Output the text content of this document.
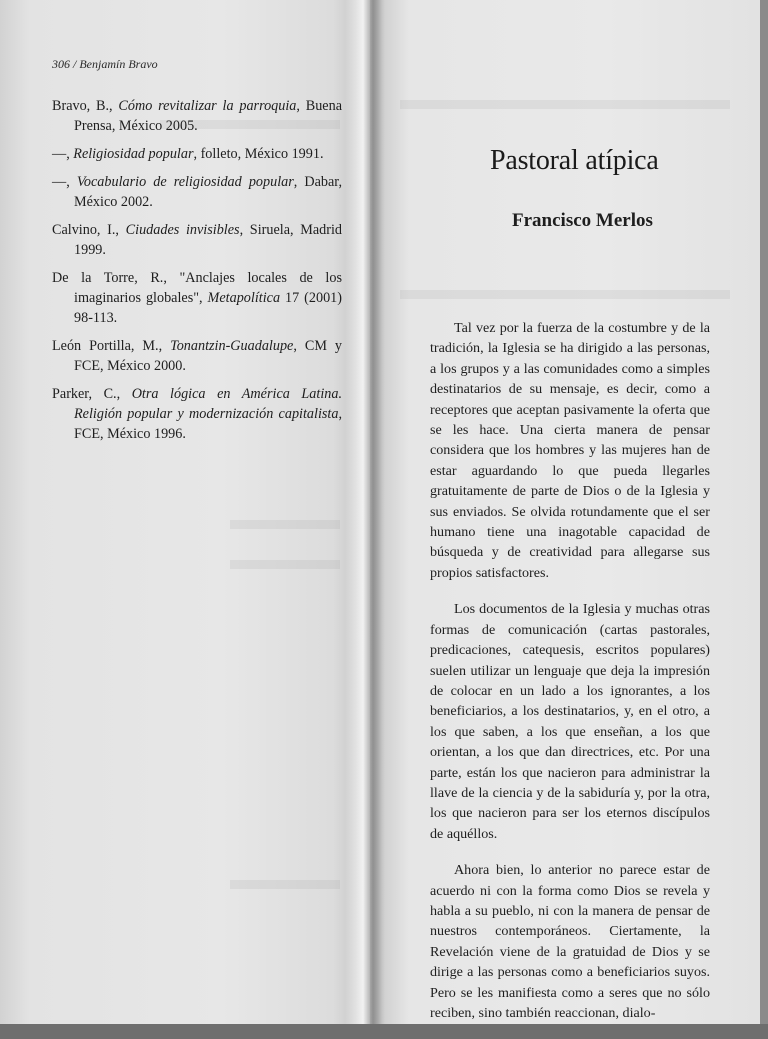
306 / Benjamín Bravo

Bravo, B., Cómo revitalizar la parroquia, Buena Prensa, México 2005.

—, Religiosidad popular, folleto, México 1991.

—, Vocabulario de religiosidad popular, Dabar, México 2002.

Calvino, I., Ciudades invisibles, Siruela, Madrid 1999.

De la Torre, R., "Anclajes locales de los imaginarios globales", Metapolítica 17 (2001) 98-113.

León Portilla, M., Tonantzin-Guadalupe, CM y FCE, México 2000.

Parker, C., Otra lógica en América Latina. Religión popular y modernización capitalista, FCE, México 1996.

Pastoral atípica
Francisco Merlos

Tal vez por la fuerza de la costumbre y de la tradición, la Iglesia se ha dirigido a las personas, a los grupos y a las comunidades como a simples destinatarios de su mensaje, es decir, como a receptores que aceptan pasivamente la oferta que se les hace. Una cierta manera de pensar considera que los hombres y las mujeres han de estar aguardando lo que pueda llegarles gratuitamente de parte de Dios o de la Iglesia y sus enviados. Se olvida rotundamente que el ser humano tiene una inagotable capacidad de búsqueda y de creatividad para allegarse sus propios satisfactores.

Los documentos de la Iglesia y muchas otras formas de comunicación (cartas pastorales, predicaciones, catequesis, escritos populares) suelen utilizar un lenguaje que deja la impresión de colocar en un lado a los ignorantes, a los beneficiarios, a los destinatarios, y, en el otro, a los que saben, a los que enseñan, a los que orientan, a los que dan directrices, etc. Por una parte, están los que nacieron para administrar la llave de la ciencia y de la sabiduría y, por la otra, los que nacieron para ser los eternos discípulos de aquéllos.

Ahora bien, lo anterior no parece estar de acuerdo ni con la forma como Dios se revela y habla a su pueblo, ni con la manera de pensar de nuestros contemporáneos. Ciertamente, la Revelación viene de la gratuidad de Dios y se dirige a las personas como a beneficiarios suyos. Pero se les manifiesta como a seres que no sólo reciben, sino también reaccionan, dialo-
